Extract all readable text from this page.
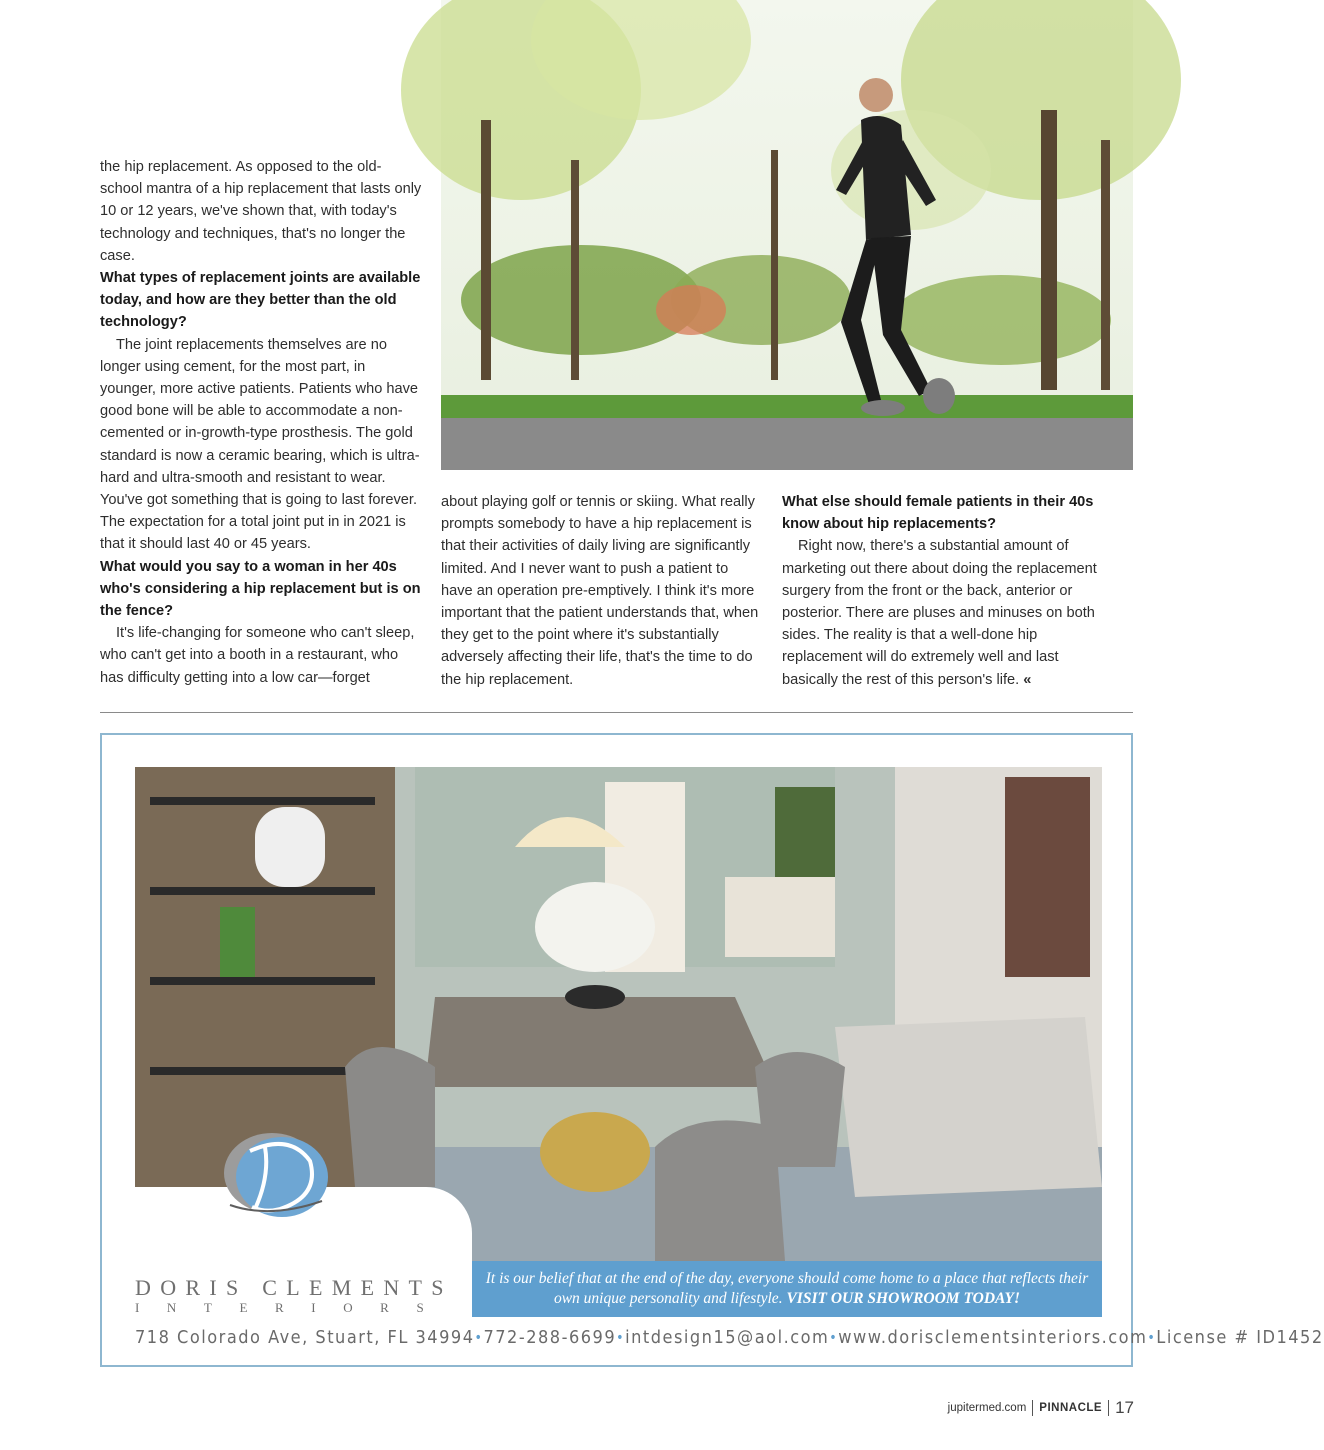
the hip replacement. As opposed to the old-school mantra of a hip replacement that lasts only 10 or 12 years, we've shown that, with today's technology and techniques, that's no longer the case.

What types of replacement joints are available today, and how are they better than the old technology?

The joint replacements themselves are no longer using cement, for the most part, in younger, more active patients. Patients who have good bone will be able to accommodate a non-cemented or in-growth-type prosthesis. The gold standard is now a ceramic bearing, which is ultra-hard and ultra-smooth and resistant to wear. You've got something that is going to last forever. The expectation for a total joint put in in 2021 is that it should last 40 or 45 years.

What would you say to a woman in her 40s who's considering a hip replacement but is on the fence?

It's life-changing for someone who can't sleep, who can't get into a booth in a restaurant, who has difficulty getting into a low car—forget

about playing golf or tennis or skiing. What really prompts somebody to have a hip replacement is that their activities of daily living are significantly limited. And I never want to push a patient to have an operation pre-emptively. I think it's more important that the patient understands that, when they get to the point where it's substantially adversely affecting their life, that's the time to do the hip replacement.

What else should female patients in their 40s know about hip replacements?

Right now, there's a substantial amount of marketing out there about doing the replacement surgery from the front or the back, anterior or posterior. There are pluses and minuses on both sides. The reality is that a well-done hip replacement will do extremely well and last basically the rest of this person's life. «

DORIS CLEMENTS
INTERIORS
It is our belief that at the end of the day, everyone should come home to a place that reflects their own unique personality and lifestyle. VISIT OUR SHOWROOM TODAY!
718 Colorado Ave, Stuart, FL 34994 • 772-288-6699 • intdesign15@aol.com • www.dorisclementsinteriors.com • License # ID1452
jupitermed.com PINNACLE 17
